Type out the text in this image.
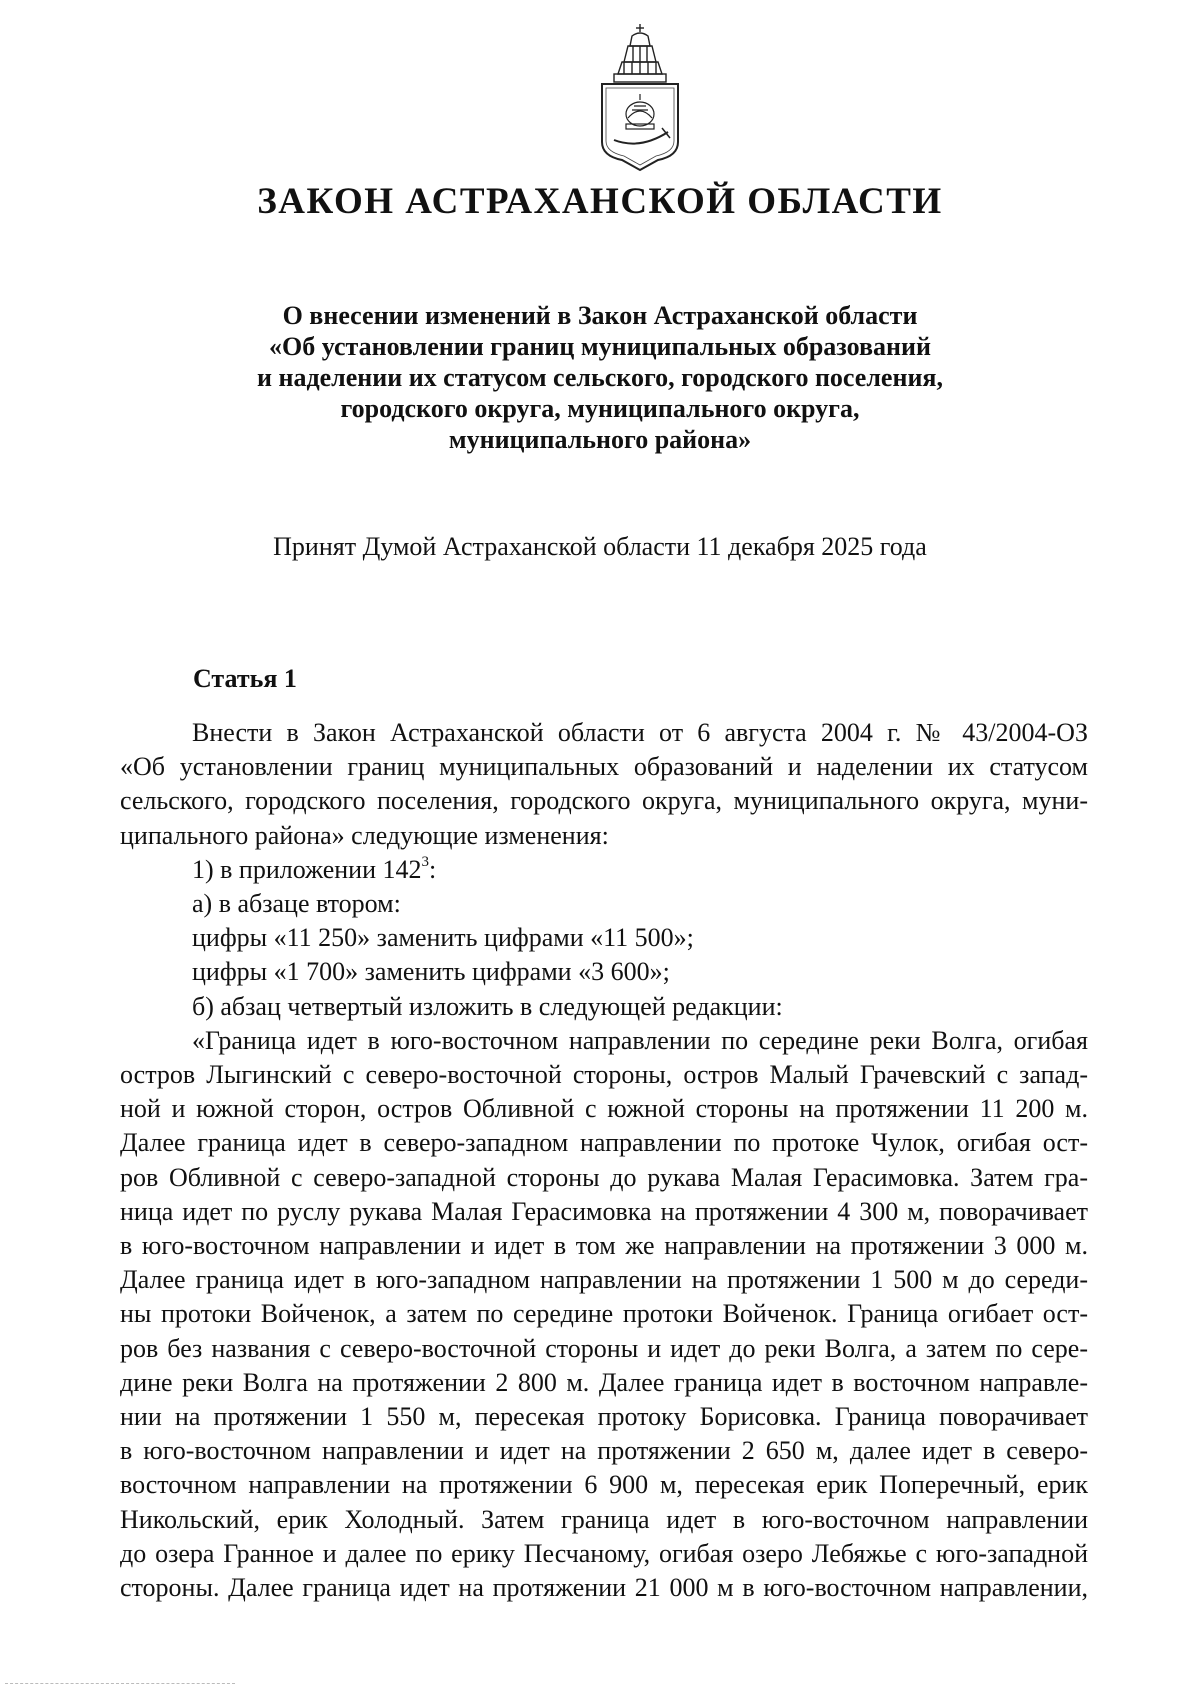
ЗАКОН АСТРАХАНСКОЙ ОБЛАСТИ
О внесении изменений в Закон Астраханской области
«Об установлении границ муниципальных образований
и наделении их статусом сельского, городского поселения,
городского округа, муниципального округа,
муниципального района»
Принят Думой Астраханской области 11 декабря 2025 года
Статья 1

Внести в Закон Астраханской области от 6 августа 2004 г. № 43/2004-ОЗ

«Об установлении границ муниципальных образований и наделении их статусом

сельского, городского поселения, городского округа, муниципального округа, муни-

ципального района» следующие изменения:

1) в приложении $142^3$:

а) в абзаце втором:

цифры «11 250» заменить цифрами «11 500»;

цифры «1 700» заменить цифрами «3 600»;

б) абзац четвертый изложить в следующей редакции:

«Граница идет в юго-восточном направлении по середине реки Волга, огибая

остров Лыгинский с северо-восточной стороны, остров Малый Грачевский с запад-

ной и южной сторон, остров Обливной с южной стороны на протяжении 11 200 м.

Далее граница идет в северо-западном направлении по протоке Чулок, огибая ост-

ров Обливной с северо-западной стороны до рукава Малая Герасимовка. Затем гра-

ница идет по руслу рукава Малая Герасимовка на протяжении 4 300 м, поворачивает

в юго-восточном направлении и идет в том же направлении на протяжении 3 000 м.

Далее граница идет в юго-западном направлении на протяжении 1 500 м до середи-

ны протоки Войченок, а затем по середине протоки Войченок. Граница огибает ост-

ров без названия с северо-восточной стороны и идет до реки Волга, а затем по сере-

дине реки Волга на протяжении 2 800 м. Далее граница идет в восточном направле-

нии на протяжении 1 550 м, пересекая протоку Борисовка. Граница поворачивает

в юго-восточном направлении и идет на протяжении 2 650 м, далее идет в северо-

восточном направлении на протяжении 6 900 м, пересекая ерик Поперечный, ерик

Никольский, ерик Холодный. Затем граница идет в юго-восточном направлении

до озера Гранное и далее по ерику Песчаному, огибая озеро Лебяжье с юго-западной

стороны. Далее граница идет на протяжении 21 000 м в юго-восточном направлении,
